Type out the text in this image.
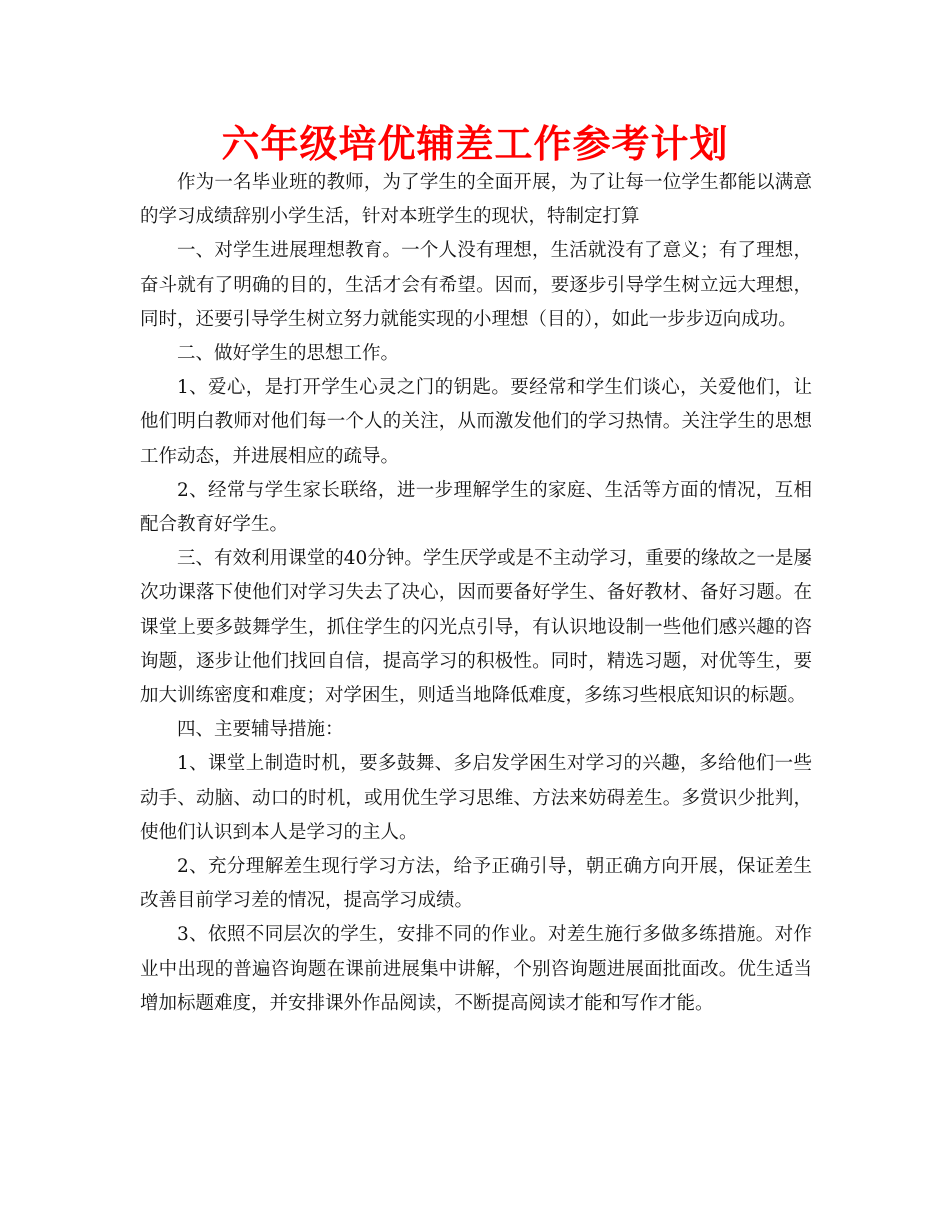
六年级培优辅差工作参考计划

作为一名毕业班的教师，为了学生的全面开展，为了让每一位学生都能以满意的学习成绩辞别小学生活，针对本班学生的现状，特制定打算

一、对学生进展理想教育。一个人没有理想，生活就没有了意义；有了理想，奋斗就有了明确的目的，生活才会有希望。因而，要逐步引导学生树立远大理想，同时，还要引导学生树立努力就能实现的小理想（目的），如此一步步迈向成功。

二、做好学生的思想工作。

1、爱心，是打开学生心灵之门的钥匙。要经常和学生们谈心，关爱他们，让他们明白教师对他们每一个人的关注，从而激发他们的学习热情。关注学生的思想工作动态，并进展相应的疏导。

2、经常与学生家长联络，进一步理解学生的家庭、生活等方面的情况，互相配合教育好学生。

三、有效利用课堂的40分钟。学生厌学或是不主动学习，重要的缘故之一是屡次功课落下使他们对学习失去了决心，因而要备好学生、备好教材、备好习题。在课堂上要多鼓舞学生，抓住学生的闪光点引导，有认识地设制一些他们感兴趣的咨询题，逐步让他们找回自信，提高学习的积极性。同时，精选习题，对优等生，要加大训练密度和难度；对学困生，则适当地降低难度，多练习些根底知识的标题。

四、主要辅导措施：

1、课堂上制造时机，要多鼓舞、多启发学困生对学习的兴趣，多给他们一些动手、动脑、动口的时机，或用优生学习思维、方法来妨碍差生。多赏识少批判，使他们认识到本人是学习的主人。

2、充分理解差生现行学习方法，给予正确引导，朝正确方向开展，保证差生改善目前学习差的情况，提高学习成绩。

3、依照不同层次的学生，安排不同的作业。对差生施行多做多练措施。对作业中出现的普遍咨询题在课前进展集中讲解，个别咨询题进展面批面改。优生适当增加标题难度，并安排课外作品阅读，不断提高阅读才能和写作才能。
